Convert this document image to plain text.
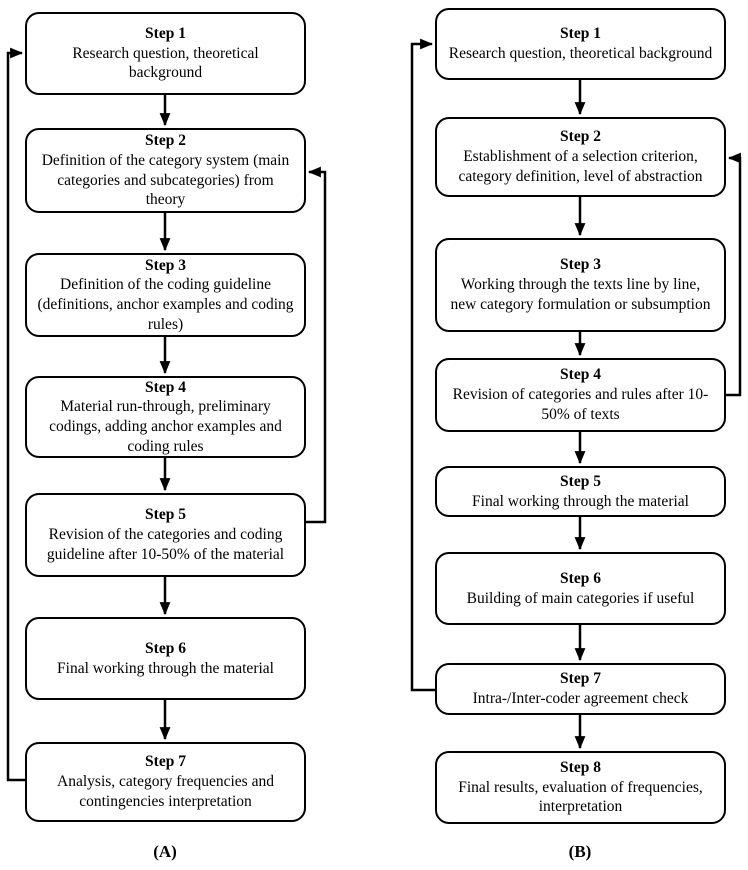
Step 1
Research question, theoretical background
Step 2
Definition of the category system (main categories and subcategories) from theory
Step 3
Definition of the coding guideline (definitions, anchor examples and coding rules)
Step 4
Material run-through, preliminary codings, adding anchor examples and coding rules
Step 5
Revision of the categories and coding guideline after 10-50% of the material
Step 6
Final working through the material
Step 7
Analysis, category frequencies and contingencies interpretation
Step 1
Research question, theoretical background
Step 2
Establishment of a selection criterion, category definition, level of abstraction
Step 3
Working through the texts line by line, new category formulation or subsumption
Step 4
Revision of categories and rules after 10-50% of texts
Step 5
Final working through the material
Step 6
Building of main categories if useful
Step 7
Intra-/Inter-coder agreement check
Step 8
Final results, evaluation of frequencies, interpretation
(A)	(B)
